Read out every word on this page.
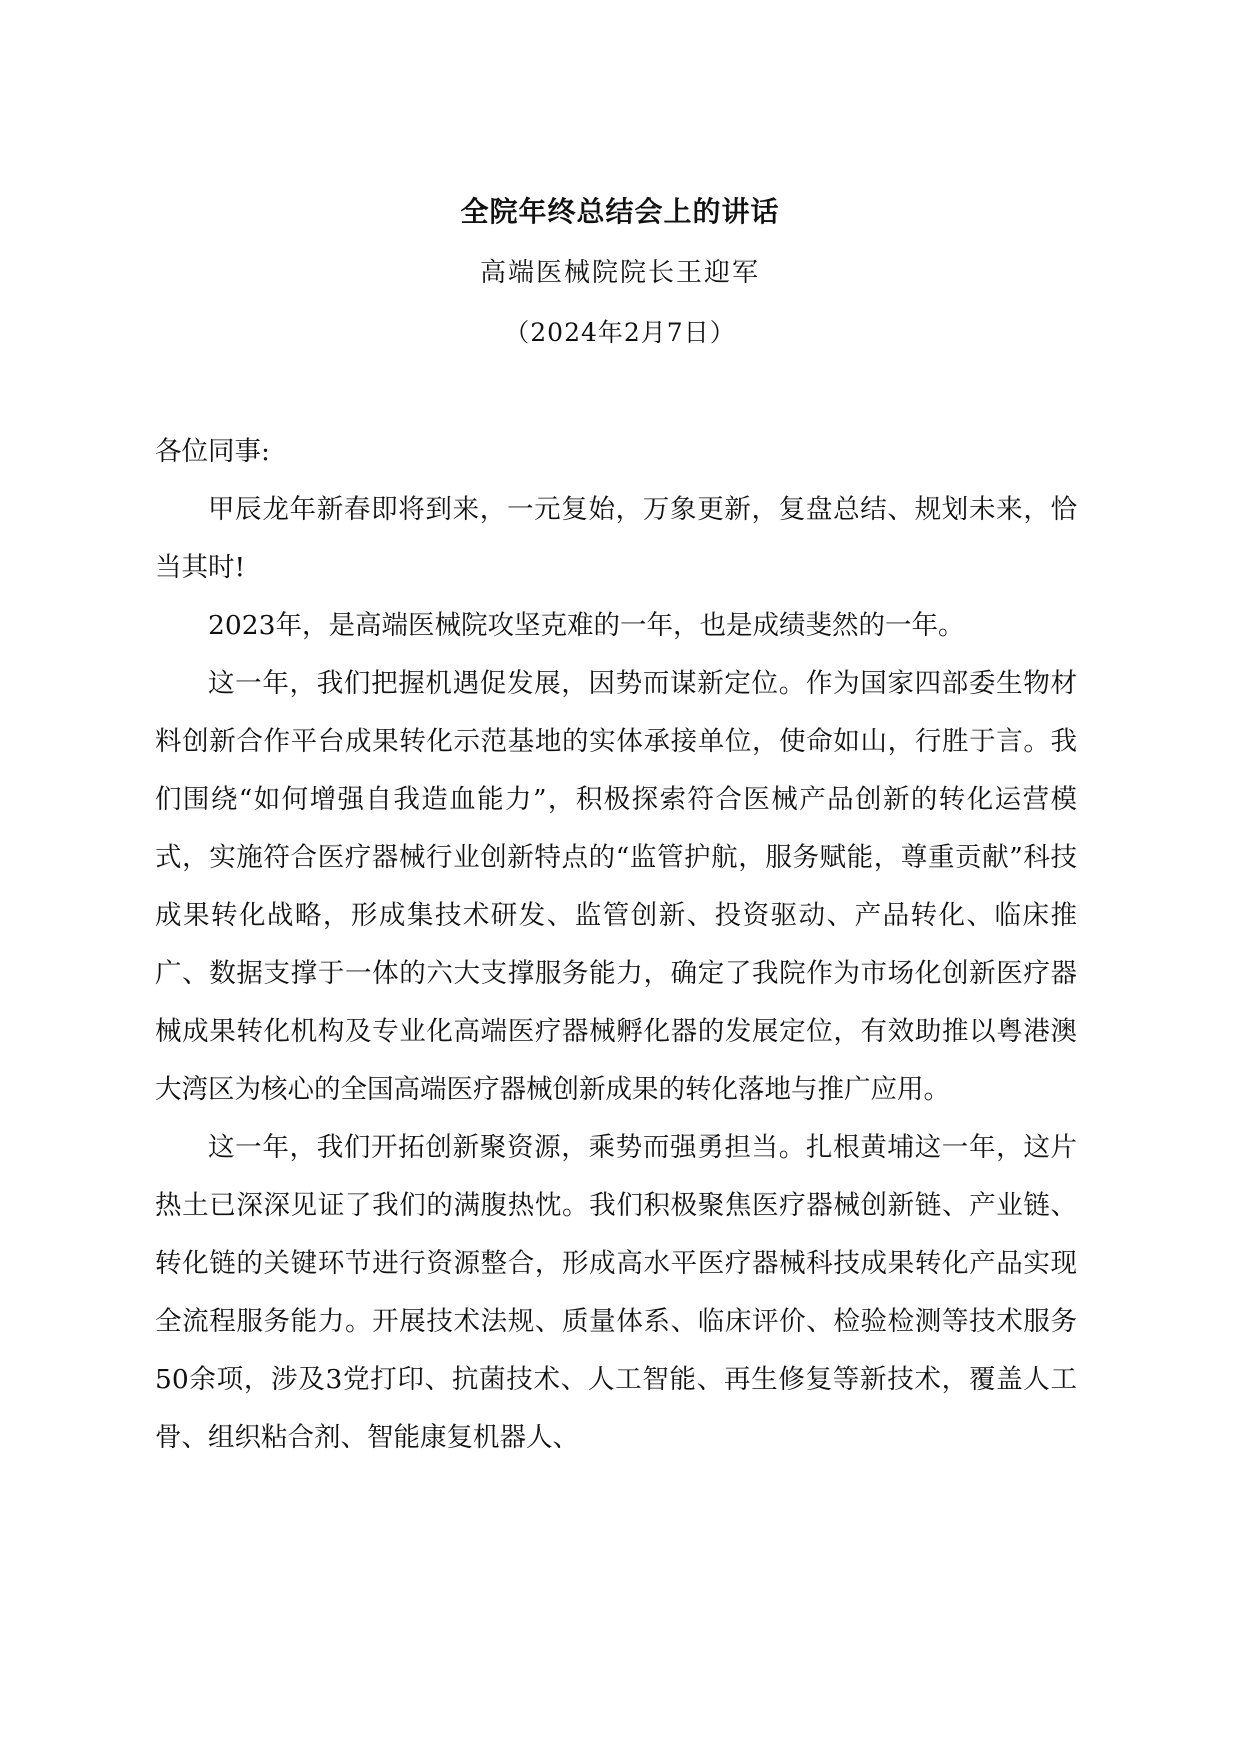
全院年终总结会上的讲话
高端医械院院长王迎军
（2024年2月7日）

各位同事:

甲辰龙年新春即将到来，一元复始，万象更新，复盘总结、规划未来，恰当其时!

2023年，是高端医械院攻坚克难的一年，也是成绩斐然的一年。

这一年，我们把握机遇促发展，因势而谋新定位。作为国家四部委生物材料创新合作平台成果转化示范基地的实体承接单位，使命如山，行胜于言。我们围绕“如何增强自我造血能力”，积极探索符合医械产品创新的转化运营模式，实施符合医疗器械行业创新特点的“监管护航，服务赋能，尊重贡献”科技成果转化战略，形成集技术研发、监管创新、投资驱动、产品转化、临床推广、数据支撑于一体的六大支撑服务能力，确定了我院作为市场化创新医疗器械成果转化机构及专业化高端医疗器械孵化器的发展定位，有效助推以粤港澳大湾区为核心的全国高端医疗器械创新成果的转化落地与推广应用。

这一年，我们开拓创新聚资源，乘势而强勇担当。扎根黄埔这一年，这片热土已深深见证了我们的满腹热忱。我们积极聚焦医疗器械创新链、产业链、转化链的关键环节进行资源整合，形成高水平医疗器械科技成果转化产品实现全流程服务能力。开展技术法规、质量体系、临床评价、检验检测等技术服务50余项，涉及3党打印、抗菌技术、人工智能、再生修复等新技术，覆盖人工骨、组织粘合剂、智能康复机器人、
